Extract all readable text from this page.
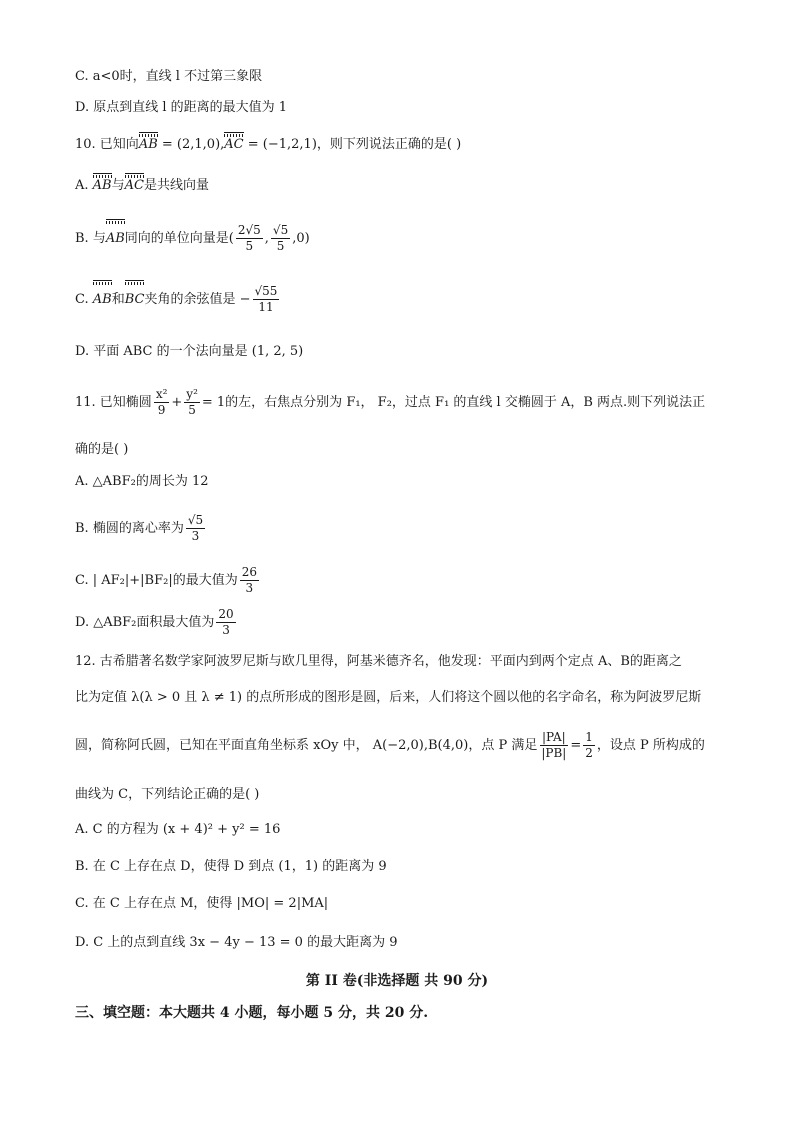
C. a<0时，直线 l 不过第三象限
D. 原点到直线 l 的距离的最大值为 1
10. 已知向AB = (2,1,0),AC = (−1,2,1)，则下列说法正确的是( )
A. AB与AC是共线向量
B. 与AB同向的单位向量是( $\frac{2√5}{5}$ , $\frac{√5}{5} ,0$)
C. AB和BC夹角的余弦值是 − $\frac{√55}{11}$
D. 平面 ABC 的一个法向量是 (1, 2, 5)
11. 已知椭圆 $\frac{\text{x²}}{9} + \frac{\text{y²}}{5} = 1$的左，右焦点分别为 F₁， F₂，过点 F₁ 的直线 l 交椭圆于 A，B 两点.则下列说法正
确的是( )
A. △ABF₂的周长为 12
B. 椭圆的离心率为 $\frac{√5}{3}$
C. | AF₂|+|BF₂|的最大值为 $\frac{26}{3}$
D. △ABF₂面积最大值为 $\frac{20}{3}$
12. 古希腊著名数学家阿波罗尼斯与欧几里得，阿基米德齐名，他发现：平面内到两个定点 A、B的距离之
比为定值 λ(λ > 0 且 λ ≠ 1) 的点所形成的图形是圆，后来，人们将这个圆以他的名字命名，称为阿波罗尼斯
圆，简称阿氏圆，已知在平面直角坐标系 xOy 中， A(−2,0),B(4,0)，点 P 满足 $\frac{|PA|}{|PB|} = \frac{1}{2}$ ，设点 P 所构成的
曲线为 C，下列结论正确的是( )
A. C 的方程为 (x + 4)² + y² = 16
B. 在 C 上存在点 D，使得 D 到点 (1，1) 的距离为 9
C. 在 C 上存在点 M，使得 |MO| = 2|MA|
D. C 上的点到直线 3x − 4y − 13 = 0 的最大距离为 9
第 II 卷(非选择题 共 90 分)
三、填空题：本大题共 4 小题，每小题 5 分，共 20 分.
